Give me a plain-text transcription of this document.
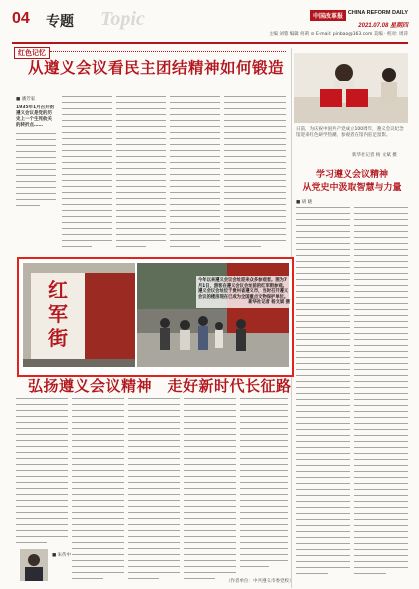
04 专题 Topic	中国改革报 CHINA REFORM DAILY
2021.07.08 星期四
主编 刘蓉 编辑 何莉 ⊙ E-mail: pinbao@163.com 美编 · 校对: 周萍
红色记忆
从遵义会议看民主团结精神如何锻造
■ 潘芳家
1935年1月召开的遵义会议是党的历史上一个生死攸关的转折点……
日前，为庆祝中国共产党成立100周年，遵义会议纪念馆迎来红色研学热潮，参观者在馆内驻足留影。
新华社记者 杨 文斌 摄
学习遵义会议精神
从党史中汲取智慧与力量
■ 胡 晓
红
军
街
今年以来遵义会议会址迎来众多参观者。图为7月1日，游客在遵义会议会址前的红军街参观。遵义会议会址位于贵州省遵义市，当时召开遵义会议的楼房现在已成为全国重点文物保护单位。
新华社记者 杨文斌 摄
弘扬遵义会议精神　走好新时代长征路
■ 朱传中
（作者单位：中共遵义市委党校）
